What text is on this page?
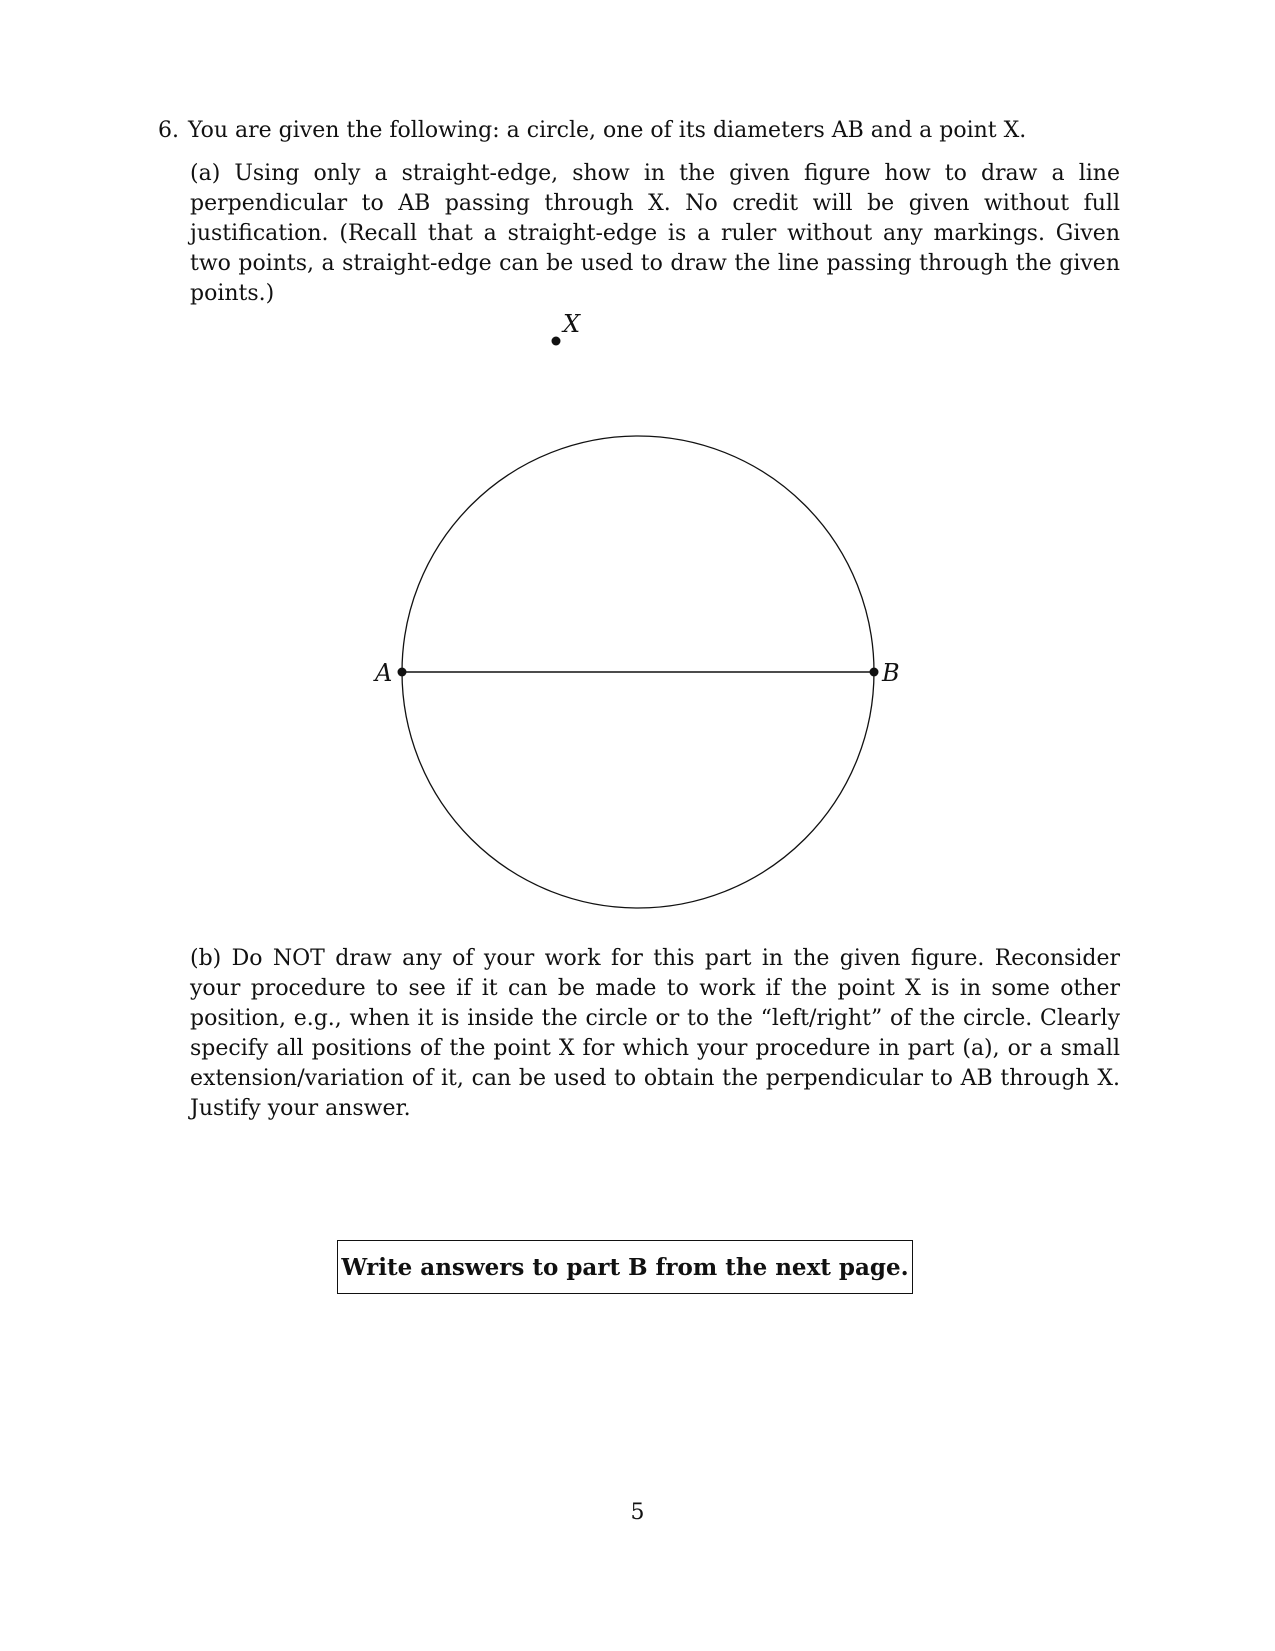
6. You are given the following: a circle, one of its diameters AB and a point X.
(a) Using only a straight-edge, show in the given figure how to draw a line perpendicular to AB passing through X. No credit will be given without full justification. (Recall that a straight-edge is a ruler without any markings. Given two points, a straight-edge can be used to draw the line passing through the given points.)
X
A	B
(b) Do NOT draw any of your work for this part in the given figure. Reconsider your procedure to see if it can be made to work if the point X is in some other position, e.g., when it is inside the circle or to the “left/right” of the circle. Clearly specify all positions of the point X for which your procedure in part (a), or a small extension/variation of it, can be used to obtain the perpendicular to AB through X. Justify your answer.
Write answers to part B from the next page.
5
